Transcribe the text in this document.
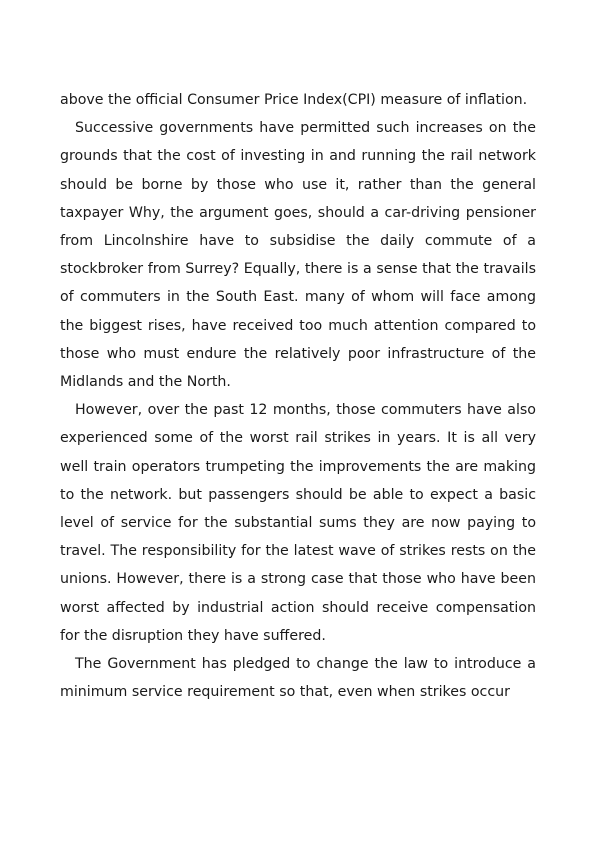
above the official Consumer Price Index(CPI) measure of inflation.

Successive governments have permitted such increases on the grounds that the cost of investing in and running the rail network should be borne by those who use it, rather than the general taxpayer Why, the argument goes, should a car-driving pensioner from Lincolnshire have to subsidise the daily commute of a stockbroker from Surrey? Equally, there is a sense that the travails of commuters in the South East. many of whom will face among the biggest rises, have received too much attention compared to those who must endure the relatively poor infrastructure of the Midlands and the North.

However, over the past 12 months, those commuters have also experienced some of the worst rail strikes in years. It is all very well train operators trumpeting the improvements the are making to the network. but passengers should be able to expect a basic level of service for the substantial sums they are now paying to travel. The responsibility for the latest wave of strikes rests on the unions. However, there is a strong case that those who have been worst affected by industrial action should receive compensation for the disruption they have suffered.

The Government has pledged to change the law to introduce a minimum service requirement so that, even when strikes occur
